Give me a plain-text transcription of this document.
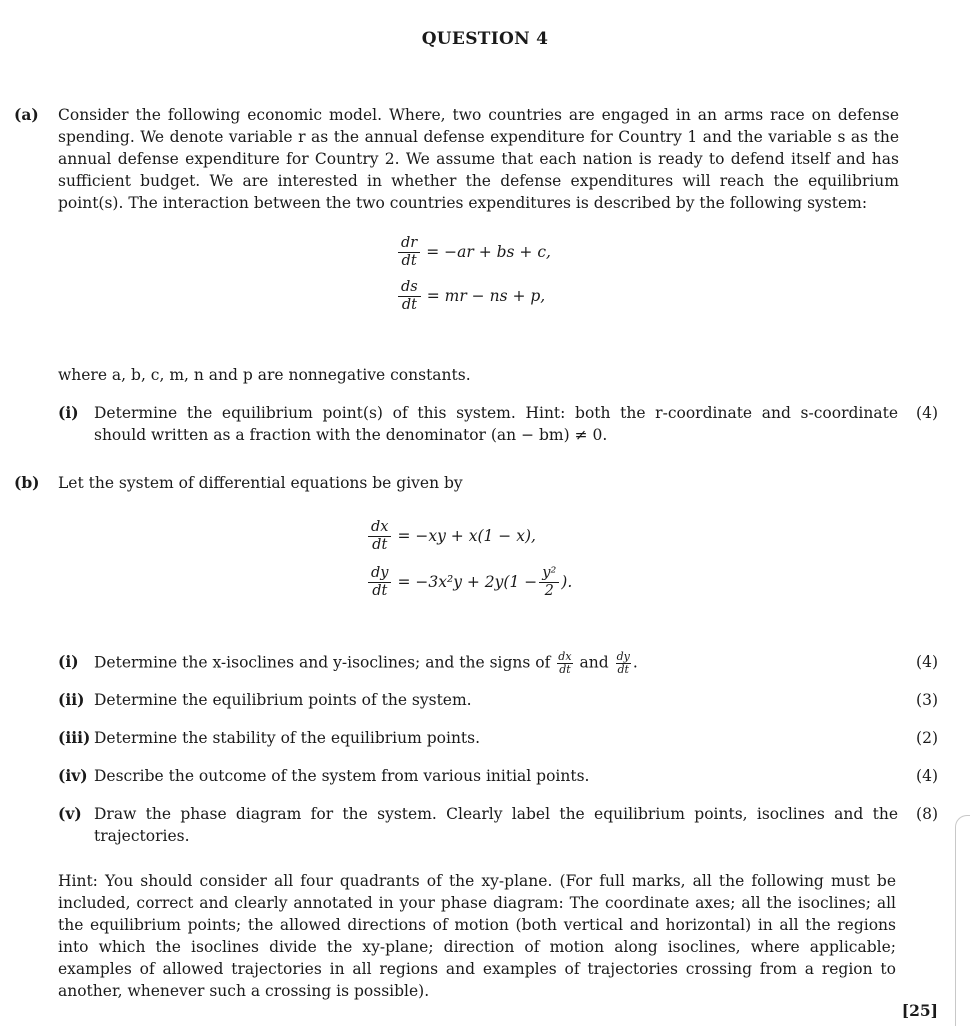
QUESTION 4
(a) Consider the following economic model. Where, two countries are engaged in an arms race on defense spending. We denote variable r as the annual defense expenditure for Country 1 and the variable s as the annual defense expenditure for Country 2. We assume that each nation is ready to defend itself and has sufficient budget. We are interested in whether the defense expenditures will reach the equilibrium point(s). The interaction between the two countries expenditures is described by the following system:
$\frac{dr}{dt} = -ar$ + bs + c,
$\frac{ds}{dt}$ = mr − ns + p,
where a, b, c, m, n and p are nonnegative constants.
(i) Determine the equilibrium point(s) of this system. Hint: both the r-coordinate and s-coordinate should written as a fraction with the denominator (an − bm) ≠ 0.
(4)
(b) Let the system of differential equations be given by
$\frac{dx}{dt} = -xy + x(1 - x)$,
$\frac{dy}{dt} = -3x^2y + 2y(1 - \frac{\text{y²}}{2}$ ).
(i) Determine the x-isoclines and y-isoclines; and the signs of $\frac{dx}{dt}$ and $\frac{dy}{dt}$ .	(4)
(ii) Determine the equilibrium points of the system.	(3)
(iii) Determine the stability of the equilibrium points.	(2)
(iv) Describe the outcome of the system from various initial points.	(4)
(v) Draw the phase diagram for the system. Clearly label the equilibrium points, isoclines and the trajectories.
(8)
Hint: You should consider all four quadrants of the xy-plane. (For full marks, all the following must be included, correct and clearly annotated in your phase diagram: The coordinate axes; all the isoclines; all the equilibrium points; the allowed directions of motion (both vertical and horizontal) in all the regions into which the isoclines divide the xy-plane; direction of motion along isoclines, where applicable; examples of allowed trajectories in all regions and examples of trajectories crossing from a region to another, whenever such a crossing is possible).
[25]
